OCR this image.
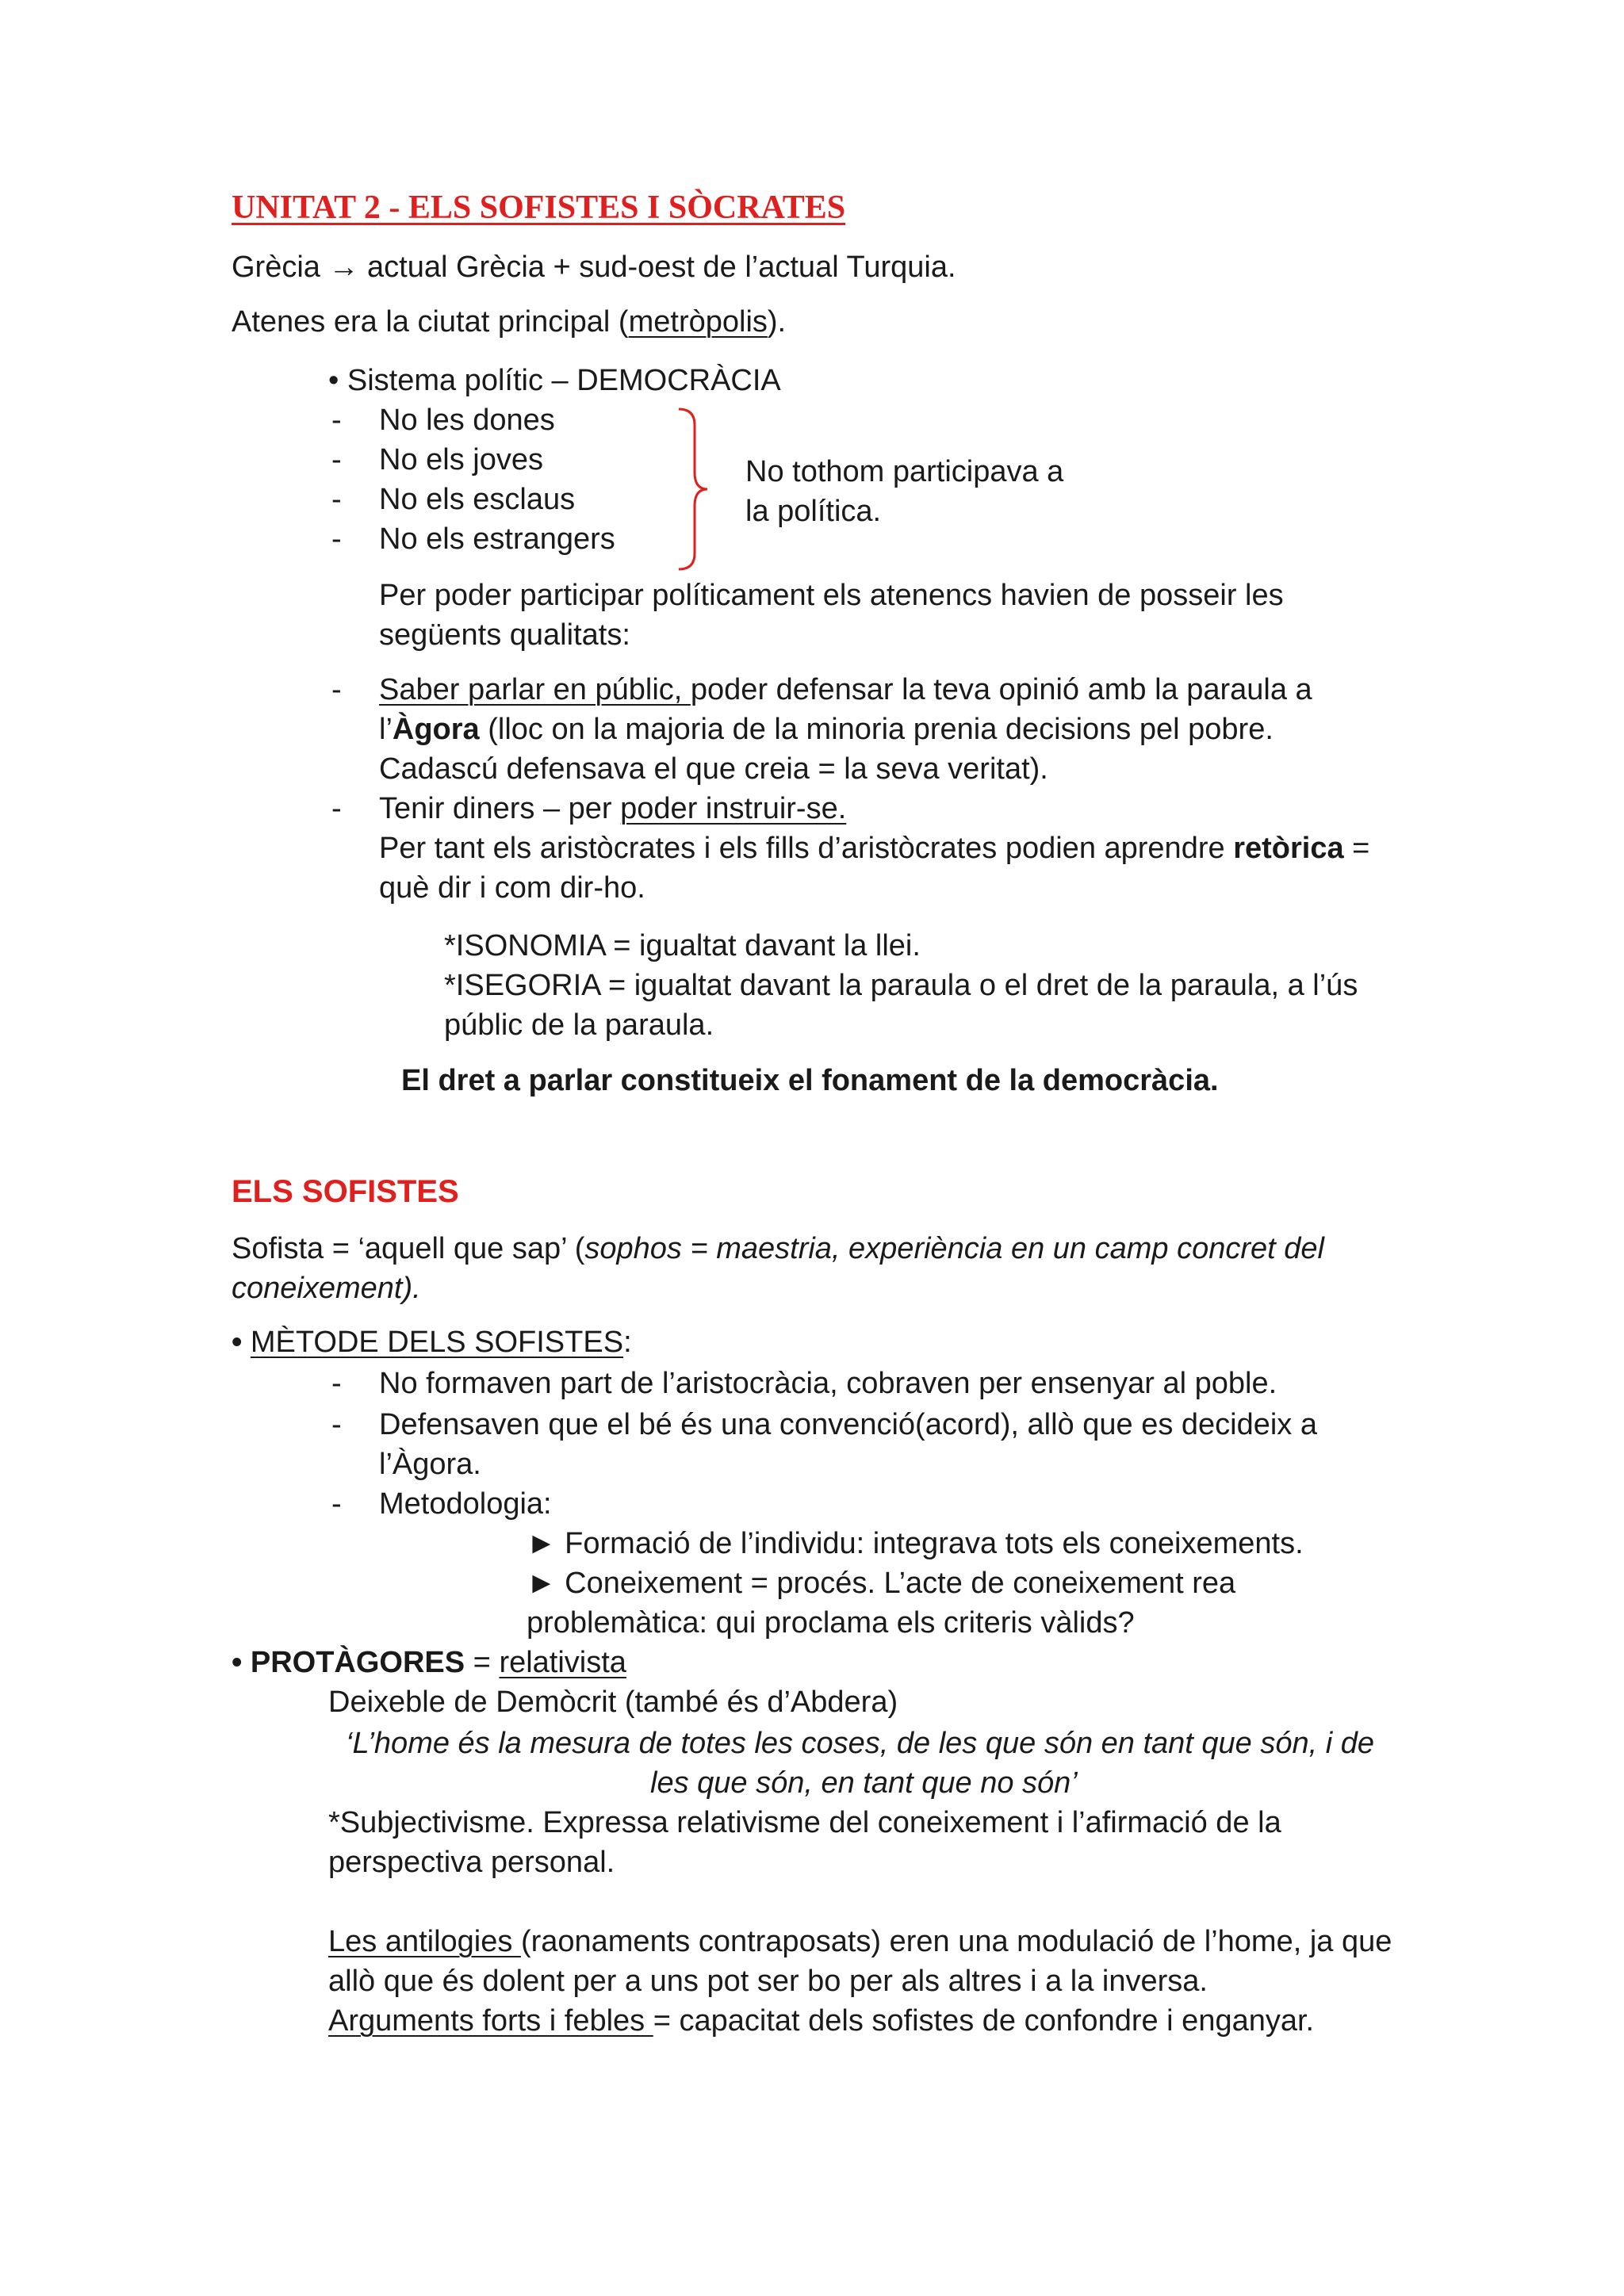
UNITAT 2 - ELS SOFISTES I SÒCRATES
Grècia → actual Grècia + sud-oest de l’actual Turquia.
Atenes era la ciutat principal (metròpolis).
• Sistema polític – DEMOCRÀCIA
- No les dones
- No els joves
- No els esclaus
- No els estrangers
No tothom participava a
la política.
Per poder participar políticament els atenencs havien de posseir les
següents qualitats:
- Saber parlar en públic, poder defensar la teva opinió amb la paraula a
l’Àgora (lloc on la majoria de la minoria prenia decisions pel pobre.
Cadascú defensava el que creia = la seva veritat).
- Tenir diners – per poder instruir-se.
Per tant els aristòcrates i els fills d’aristòcrates podien aprendre retòrica =
què dir i com dir-ho.
*ISONOMIA = igualtat davant la llei.
*ISEGORIA = igualtat davant la paraula o el dret de la paraula, a l’ús
públic de la paraula.
El dret a parlar constitueix el fonament de la democràcia.
ELS SOFISTES
Sofista = ‘aquell que sap’ (sophos = maestria, experiència en un camp concret del
coneixement).
• MÈTODE DELS SOFISTES:
- No formaven part de l’aristocràcia, cobraven per ensenyar al poble.
- Defensaven que el bé és una convenció(acord), allò que es decideix a
l’Àgora.
- Metodologia:
► Formació de l’individu: integrava tots els coneixements.
► Coneixement = procés. L’acte de coneixement rea
problemàtica: qui proclama els criteris vàlids?
• PROTÀGORES = relativista
Deixeble de Demòcrit (també és d’Abdera)
‘L’home és la mesura de totes les coses, de les que són en tant que són, i de
les que són, en tant que no són’
*Subjectivisme. Expressa relativisme del coneixement i l’afirmació de la
perspectiva personal.
Les antilogies (raonaments contraposats) eren una modulació de l’home, ja que
allò que és dolent per a uns pot ser bo per als altres i a la inversa.
Arguments forts i febles = capacitat dels sofistes de confondre i enganyar.
